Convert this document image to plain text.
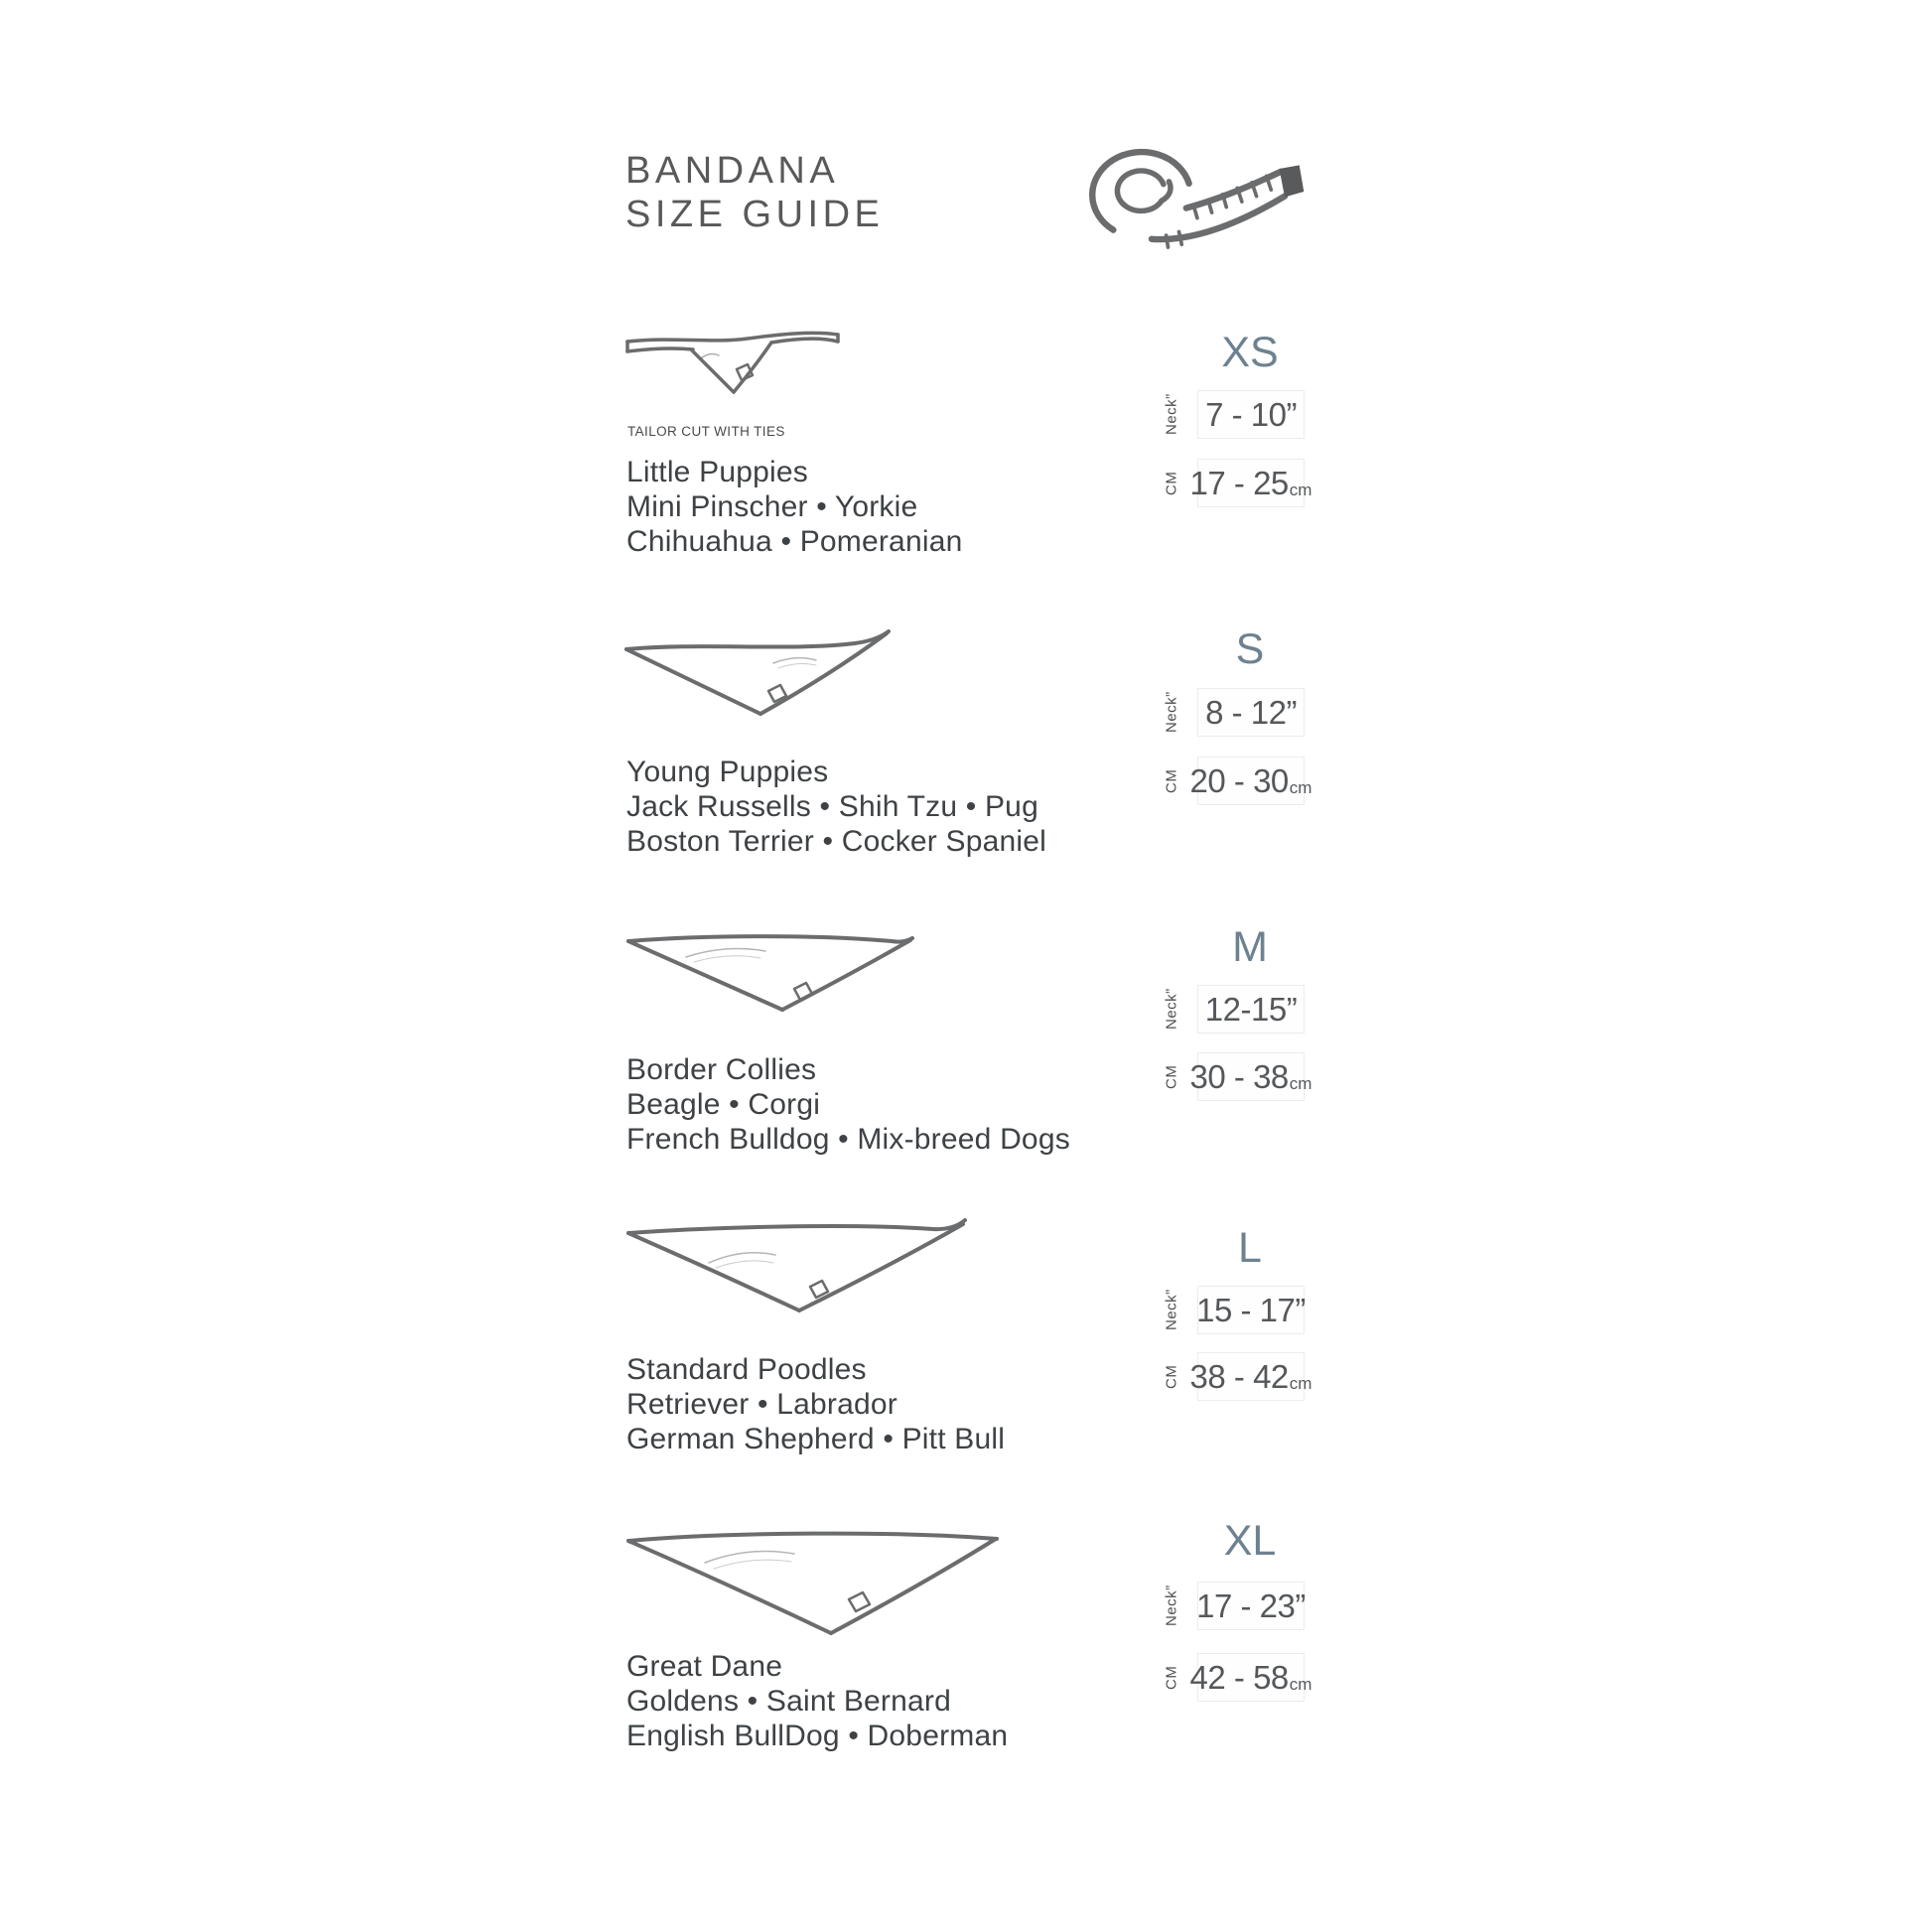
BANDANA
SIZE GUIDE
TAILOR CUT WITH TIES
Little Puppies
Mini Pinscher • Yorkie
Chihuahua • Pomeranian
XS
Neck” 7 - 10”
CM 17 - 25 cm
Young Puppies
Jack Russells • Shih Tzu • Pug
Boston Terrier • Cocker Spaniel
S
Neck” 8 - 12”
CM 20 - 30 cm
Border Collies
Beagle • Corgi
French Bulldog • Mix-breed Dogs
M
Neck” 12-15”
CM 30 - 38 cm
Standard Poodles
Retriever • Labrador
German Shepherd • Pitt Bull
L
Neck” 15 - 17”
CM 38 - 42 cm
Great Dane
Goldens • Saint Bernard
English BullDog • Doberman
XL
Neck” 17 - 23”
CM 42 - 58 cm
